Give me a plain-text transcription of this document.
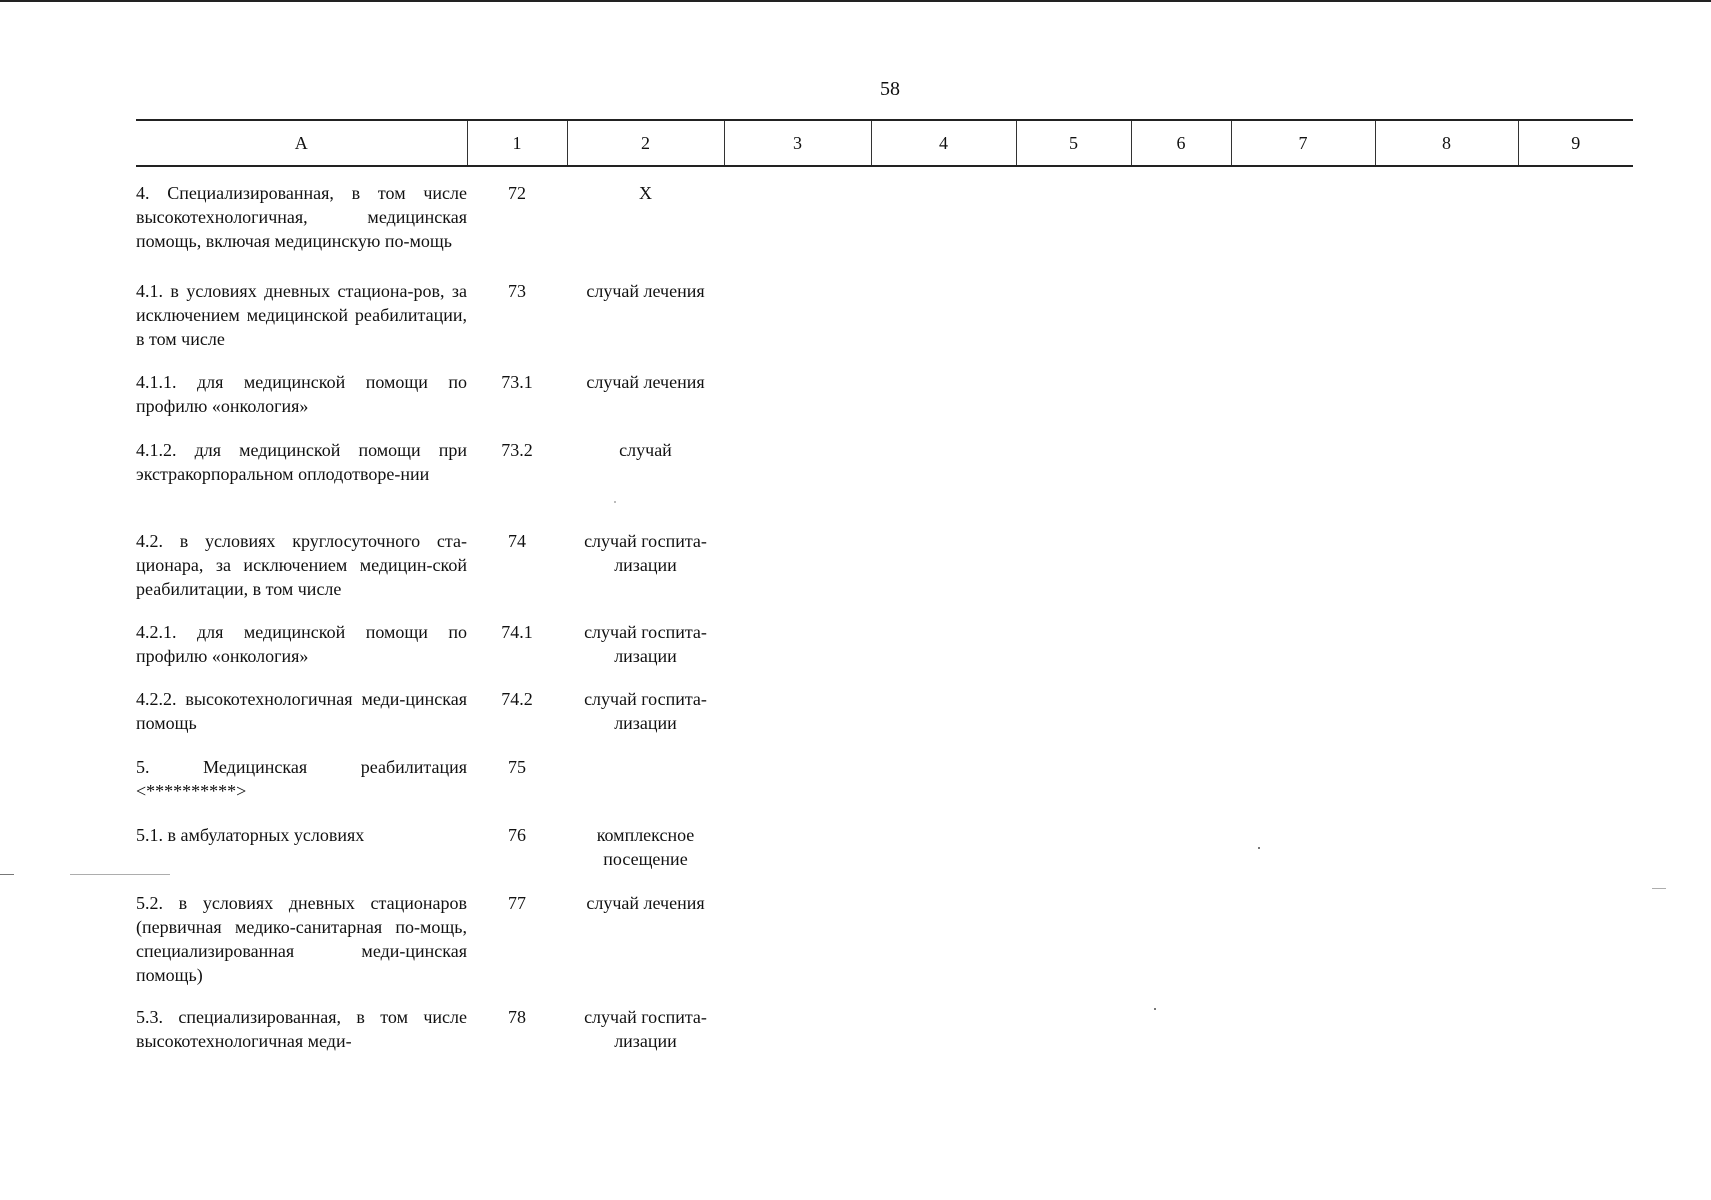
58
А	1	2	3	4	5	6	7	8	9
4. Специализированная, в том числе высокотехнологичная, медицинская помощь, включая медицинскую по-мощь	72	Х							
4.1. в условиях дневных стациона-ров, за исключением медицинской реабилитации, в том числе	73	случай лечения							
4.1.1. для медицинской помощи по профилю «онкология»	73.1	случай лечения							
4.1.2. для медицинской помощи при экстракорпоральном оплодотворе-нии	73.2	случай							
4.2. в условиях круглосуточного ста-ционара, за исключением медицин-ской реабилитации, в том числе	74	случай госпита-лизации							
4.2.1. для медицинской помощи по профилю «онкология»	74.1	случай госпита-лизации							
4.2.2. высокотехнологичная меди-цинская помощь	74.2	случай госпита-лизации							
5. Медицинская реабилитация <**********>	75								
5.1. в амбулаторных условиях	76	комплексное посещение							
5.2. в условиях дневных стационаров (первичная медико-санитарная по-мощь, специализированная меди-цинская помощь)	77	случай лечения							
5.3. специализированная, в том числе высокотехнологичная меди-	78	случай госпита-лизации							
